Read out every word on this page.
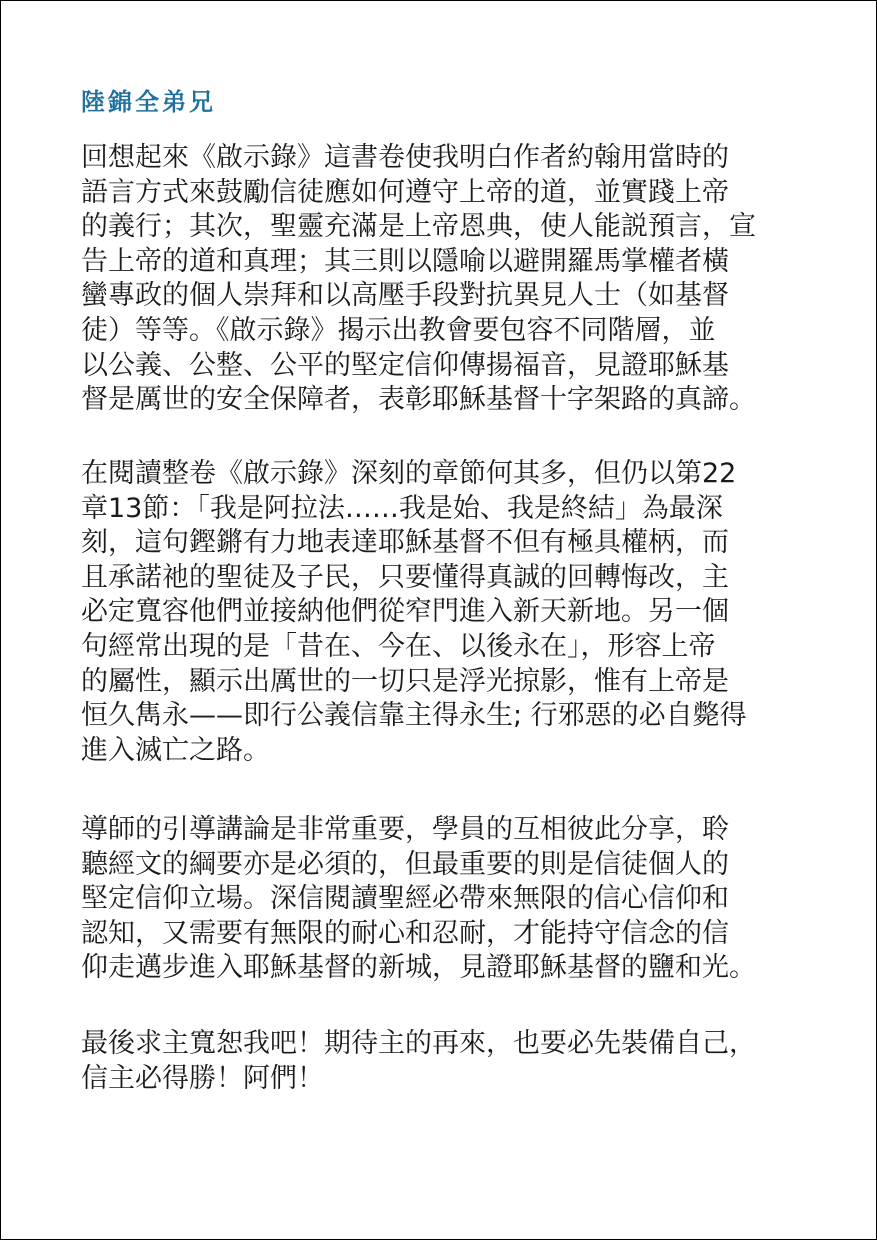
陸錦全弟兄
回想起來《啟示錄》這書卷使我明白作者約翰用當時的
語言方式來鼓勵信徒應如何遵守上帝的道，並實踐上帝
的義行；其次，聖靈充滿是上帝恩典，使人能説預言，宣
告上帝的道和真理；其三則以隱喻以避開羅馬掌權者橫
蠻專政的個人崇拜和以高壓手段對抗異見人士（如基督
徒）等等。《啟示錄》揭示出教會要包容不同階層，並
以公義、公整、公平的堅定信仰傳揚福音，見證耶穌基
督是厲世的安全保障者，表彰耶穌基督十字架路的真諦。
在閱讀整卷《啟示錄》深刻的章節何其多，但仍以第22
章13節：「我是阿拉法……我是始、我是終結」為最深
刻，這句鏗鏘有力地表達耶穌基督不但有極具權柄，而
且承諾祂的聖徒及子民，只要懂得真誠的回轉悔改，主
必定寬容他們並接納他們從窄門進入新天新地。另一個
句經常出現的是「昔在、今在、以後永在」，形容上帝
的屬性，顯示出厲世的一切只是浮光掠影，惟有上帝是
恒久雋永——即行公義信靠主得永生; 行邪惡的必自斃得
進入滅亡之路。
導師的引導講論是非常重要，學員的互相彼此分享，聆
聽經文的綱要亦是必須的，但最重要的則是信徒個人的
堅定信仰立場。深信閱讀聖經必帶來無限的信心信仰和
認知，又需要有無限的耐心和忍耐，才能持守信念的信
仰走邁步進入耶穌基督的新城，見證耶穌基督的鹽和光。
最後求主寬恕我吧！期待主的再來，也要必先裝備自己，
信主必得勝！阿們！
